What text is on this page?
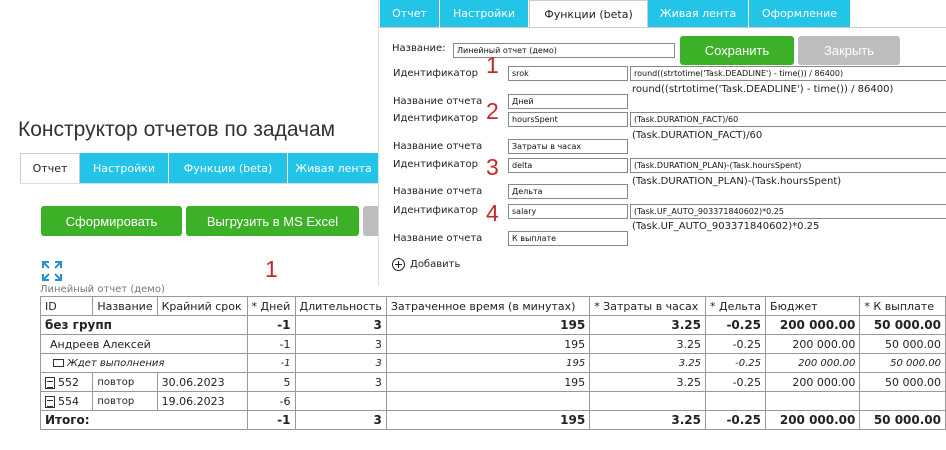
Конструктор отчетов по задачам
Отчет	Настройки	Функции (beta)	Живая лента
Сформировать	Выгрузить в MS Excel
Линейный отчет (демо)
ID	Название	Крайний срок	* Дней	Длительность	Затраченное время (в минутах)	* Затраты в часах	* Дельта	Бюджет	* К выплате
без групп			-1	3	195	3.25	-0.25	200 000.00	50 000.00
Андреев Алексей			-1	3	195	3.25	-0.25	200 000.00	50 000.00
Ждет выполнения			-1	3	195	3.25	-0.25	200 000.00	50 000.00
552	повтор	30.06.2023	5	3	195	3.25	-0.25	200 000.00	50 000.00
554	повтор	19.06.2023	-6						
Итого:			-1	3	195	3.25	-0.25	200 000.00	50 000.00
1
Отчет	Настройки	Функции (beta)	Живая лента	Оформление
Название:	Линейный отчет (демо)	Сохранить	Закрыть
1
Идентификатор	srok	round((strtotime('Task.DEADLINE') - time()) / 86400)
round((strtotime('Task.DEADLINE') - time()) / 86400)
Название отчета	Дней
2
Идентификатор	hoursSpent	(Task.DURATION_FACT)/60
(Task.DURATION_FACT)/60
Название отчета	Затраты в часах
3
Идентификатор	delta	(Task.DURATION_PLAN)-(Task.hoursSpent)
(Task.DURATION_PLAN)-(Task.hoursSpent)
Название отчета	Дельта
4
Идентификатор	salary	(Task.UF_AUTO_903371840602)*0.25
(Task.UF_AUTO_903371840602)*0.25
Название отчета	К выплате
Добавить
